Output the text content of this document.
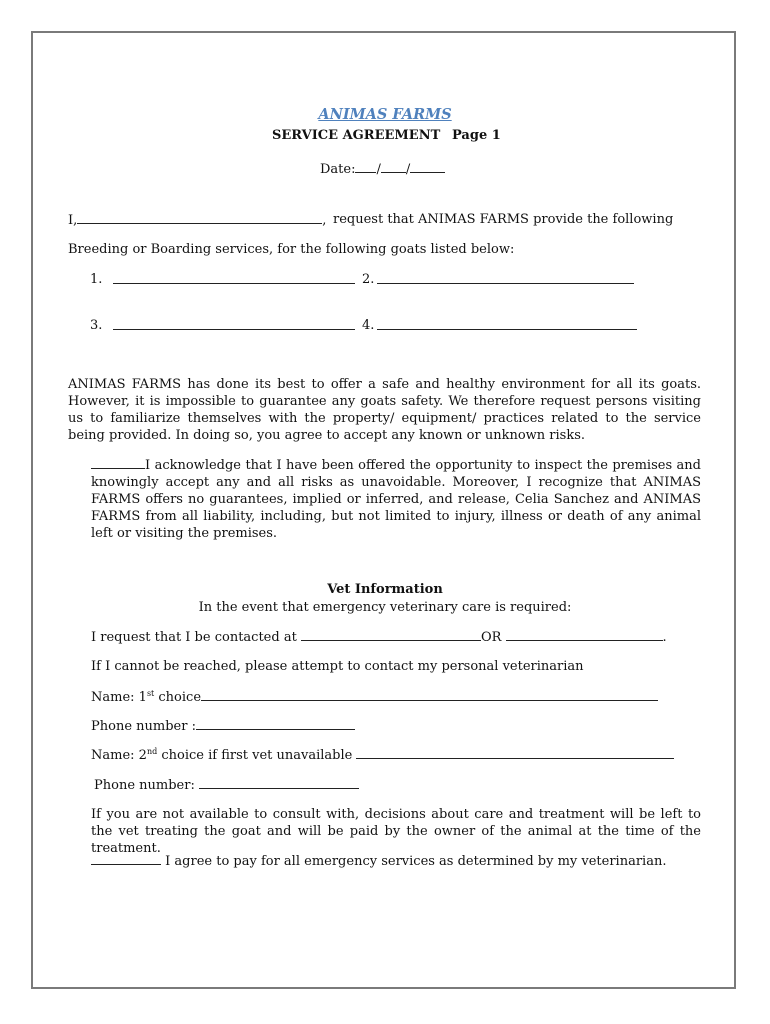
ANIMAS FARMS
SERVICE AGREEMENT Page 1
Date: / /
I,	, request that ANIMAS FARMS provide the following
Breeding or Boarding services, for the following goats listed below:
1.	2.
3.	4.
ANIMAS FARMS has done its best to offer a safe and healthy environment for all its goats. However, it is impossible to guarantee any goats safety. We therefore request persons visiting us to familiarize themselves with the property/ equipment/ practices related to the service being provided. In doing so, you agree to accept any known or unknown risks.
I acknowledge that I have been offered the opportunity to inspect the premises and knowingly accept any and all risks as unavoidable. Moreover, I recognize that ANIMAS FARMS offers no guarantees, implied or inferred, and release, Celia Sanchez and ANIMAS FARMS from all liability, including, but not limited to injury, illness or death of any animal left or visiting the premises.
Vet Information
In the event that emergency veterinary care is required:
I request that I be contacted at	OR	.
If I cannot be reached, please attempt to contact my personal veterinarian
Name: 1st choice
Phone number :
Name: 2nd choice if first vet unavailable
Phone number:
If you are not available to consult with, decisions about care and treatment will be left to the vet treating the goat and will be paid by the owner of the animal at the time of the treatment.
I agree to pay for all emergency services as determined by my veterinarian.
